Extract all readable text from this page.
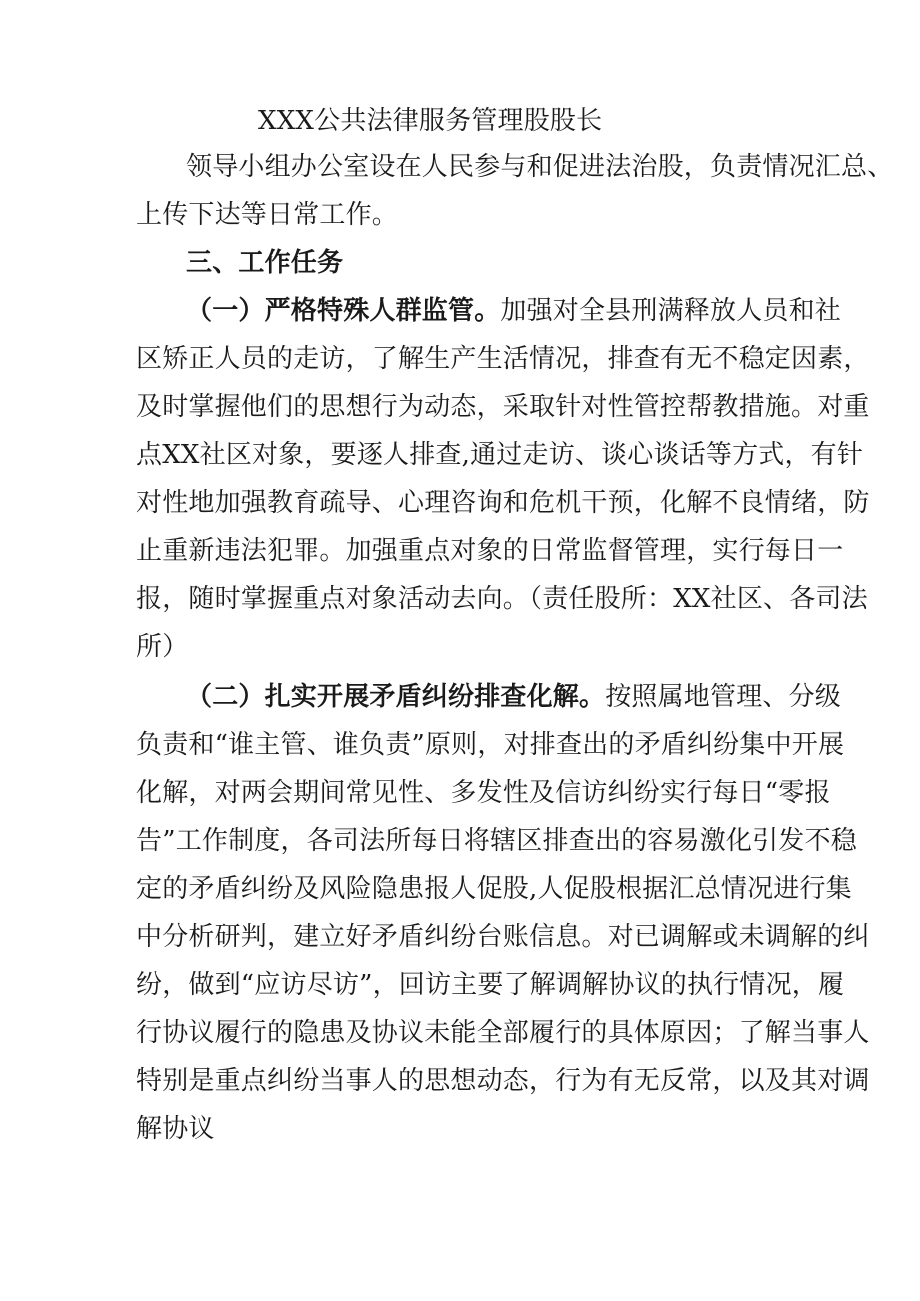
XXX公共法律服务管理股股长

领导小组办公室设在人民参与和促进法治股，负责情况汇总、

上传下达等日常工作。

三、工作任务

（一）严格特殊人群监管。加强对全县刑满释放人员和社

区矫正人员的走访，了解生产生活情况，排查有无不稳定因素，

及时掌握他们的思想行为动态，采取针对性管控帮教措施。对重

点XX社区对象，要逐人排查,通过走访、谈心谈话等方式，有针

对性地加强教育疏导、心理咨询和危机干预，化解不良情绪，防

止重新违法犯罪。加强重点对象的日常监督管理，实行每日一

报，随时掌握重点对象活动去向。（责任股所：XX社区、各司法

所）

（二）扎实开展矛盾纠纷排查化解。按照属地管理、分级

负责和“谁主管、谁负责”原则，对排查出的矛盾纠纷集中开展

化解，对两会期间常见性、多发性及信访纠纷实行每日“零报

告”工作制度，各司法所每日将辖区排查出的容易激化引发不稳

定的矛盾纠纷及风险隐患报人促股,人促股根据汇总情况进行集

中分析研判，建立好矛盾纠纷台账信息。对已调解或未调解的纠

纷，做到“应访尽访”，回访主要了解调解协议的执行情况，履

行协议履行的隐患及协议未能全部履行的具体原因；了解当事人

特别是重点纠纷当事人的思想动态，行为有无反常，以及其对调

解协议
